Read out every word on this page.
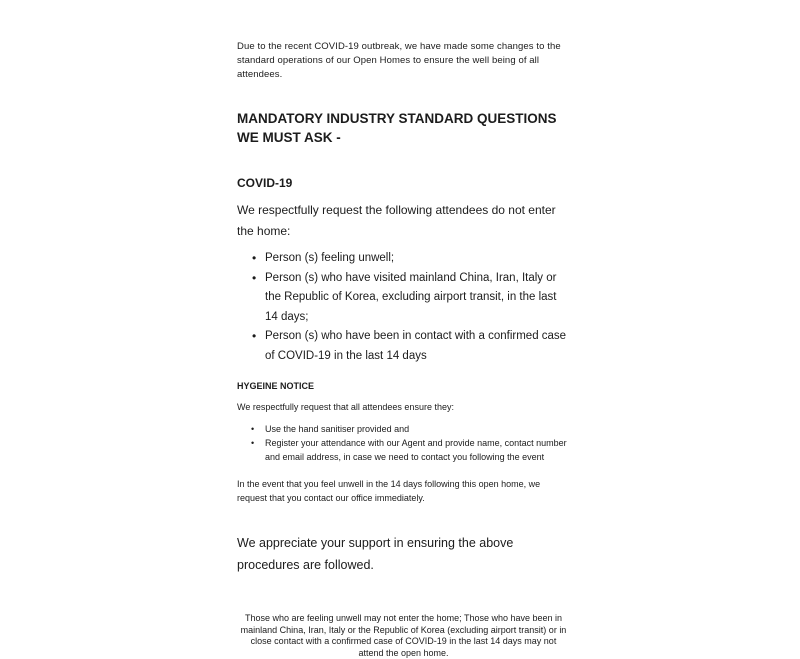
Due to the recent COVID-19 outbreak, we have made some changes to the standard operations of our Open Homes to ensure the well being of all attendees.

MANDATORY INDUSTRY STANDARD QUESTIONS WE MUST ASK -
COVID-19

We respectfully request the following attendees do not enter the home:

• Person (s) feeling unwell;
• Person (s) who have visited mainland China, Iran, Italy or the Republic of Korea, excluding airport transit, in the last 14 days;
• Person (s) who have been in contact with a confirmed case of COVID-19 in the last 14 days
HYGEINE NOTICE

We respectfully request that all attendees ensure they:

• Use the hand sanitiser provided and
• Register your attendance with our Agent and provide name, contact number and email address, in case we need to contact you following the event

In the event that you feel unwell in the 14 days following this open home, we request that you contact our office immediately.

We appreciate your support in ensuring the above procedures are followed.

Those who are feeling unwell may not enter the home; Those who have been in mainland China, Iran, Italy or the Republic of Korea (excluding airport transit) or in close contact with a confirmed case of COVID-19 in the last 14 days may not attend the open home.
